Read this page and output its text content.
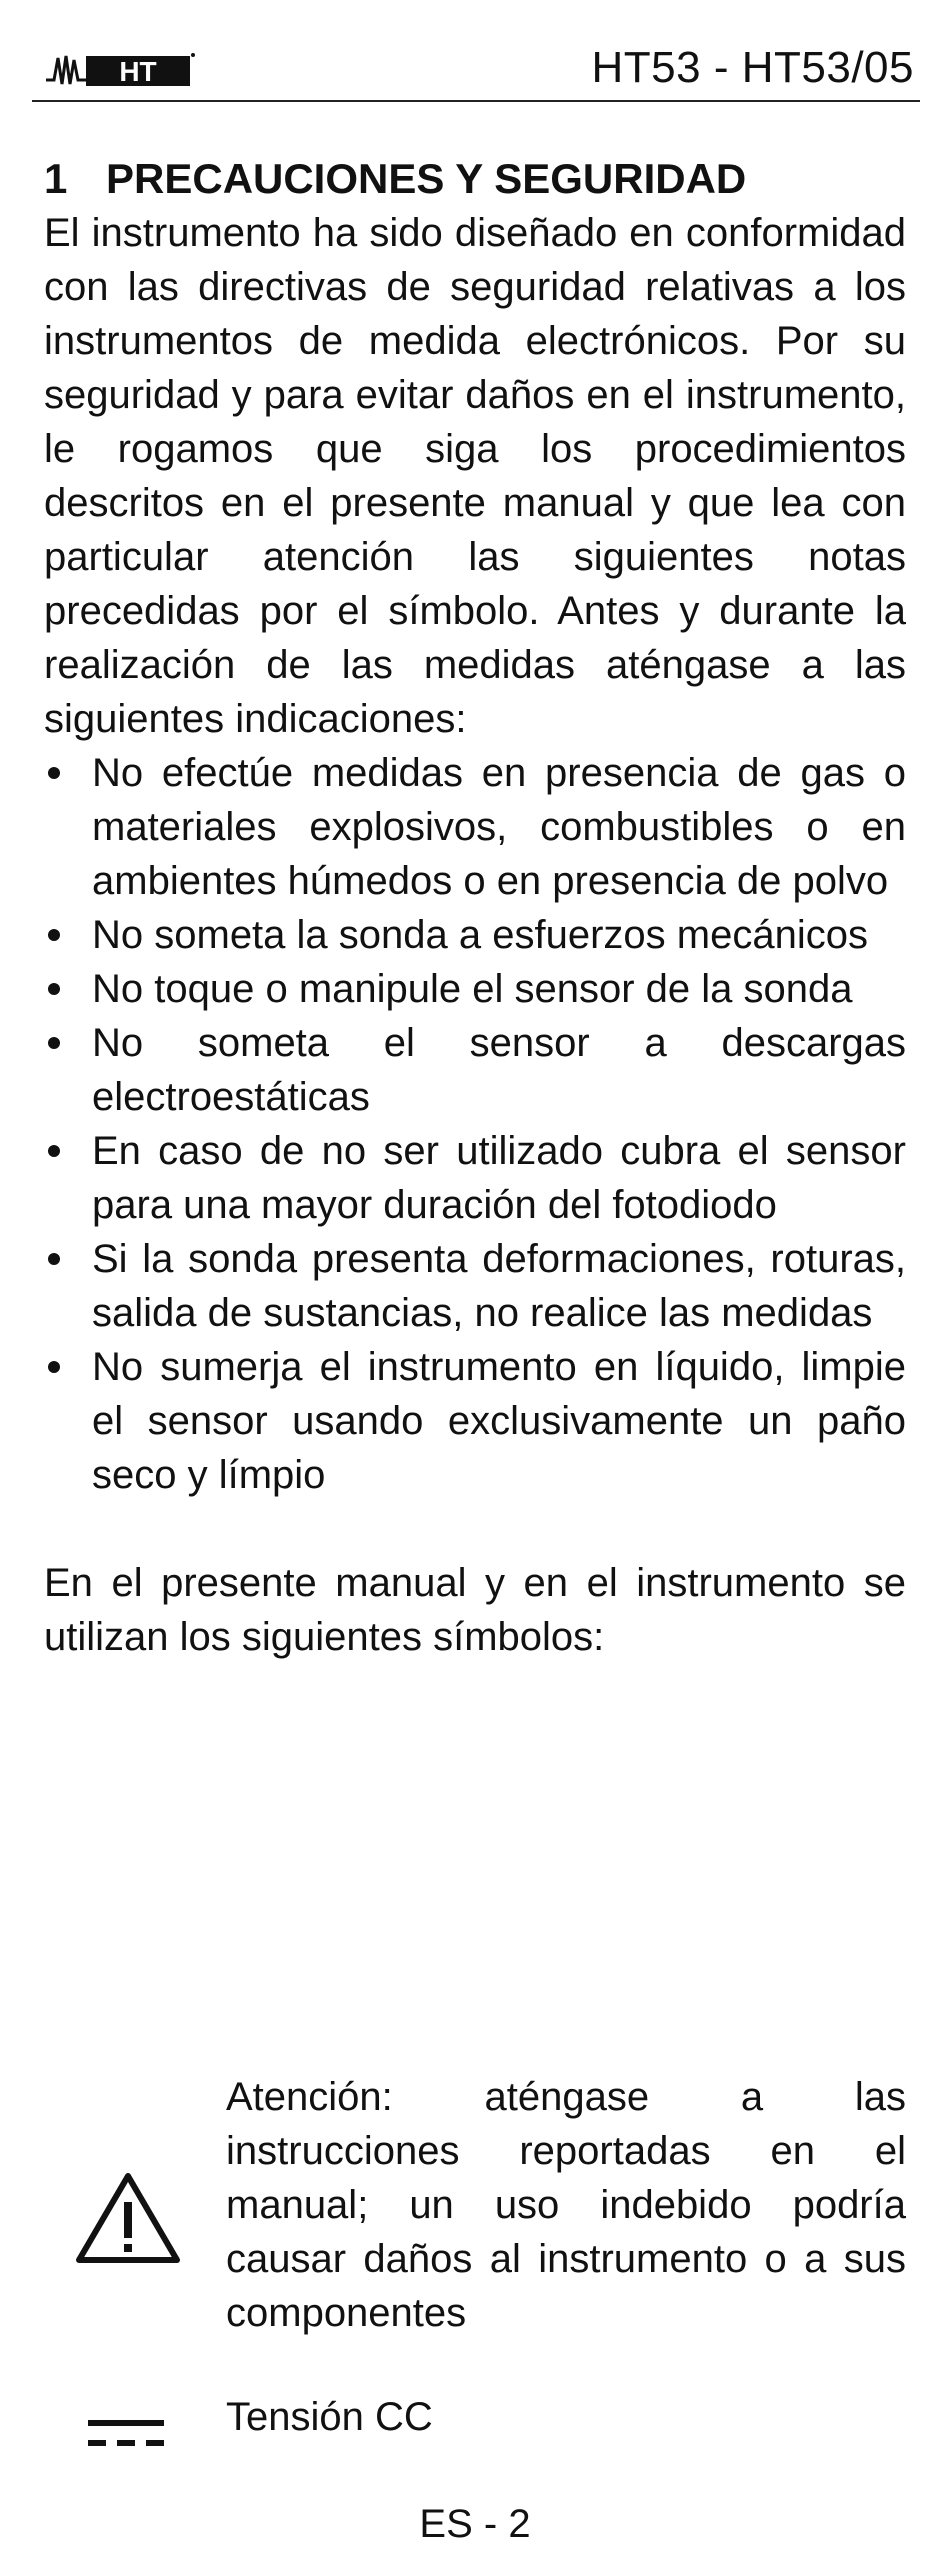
HT	HT53 - HT53/05
1 PRECAUCIONES Y SEGURIDAD

El instrumento ha sido diseñado en conformidad con las directivas de seguridad relativas a los instrumentos de medida electrónicos. Por su seguridad y para evitar daños en el instrumento, le rogamos que siga los procedimientos descritos en el presente manual y que lea con particular atención las siguientes notas precedidas por el símbolo. Antes y durante la realización de las medidas aténgase a las siguientes indicaciones:

No efectúe medidas en presencia de gas o materiales explosivos, combustibles o en ambientes húmedos o en presencia de polvo
No someta la sonda a esfuerzos mecánicos
No toque o manipule el sensor de la sonda
No someta el sensor a descargas electroestáticas
En caso de no ser utilizado cubra el sensor para una mayor duración del fotodiodo
Si la sonda presenta deformaciones, roturas, salida de sustancias, no realice las medidas
No sumerja el instrumento en líquido, limpie el sensor usando exclusivamente un paño seco y límpio

En el presente manual y en el instrumento se utilizan los siguientes símbolos:

Atención: aténgase a las instrucciones reportadas en el manual; un uso indebido podría causar daños al instrumento o a sus componentes
Tensión CC
ES - 2
